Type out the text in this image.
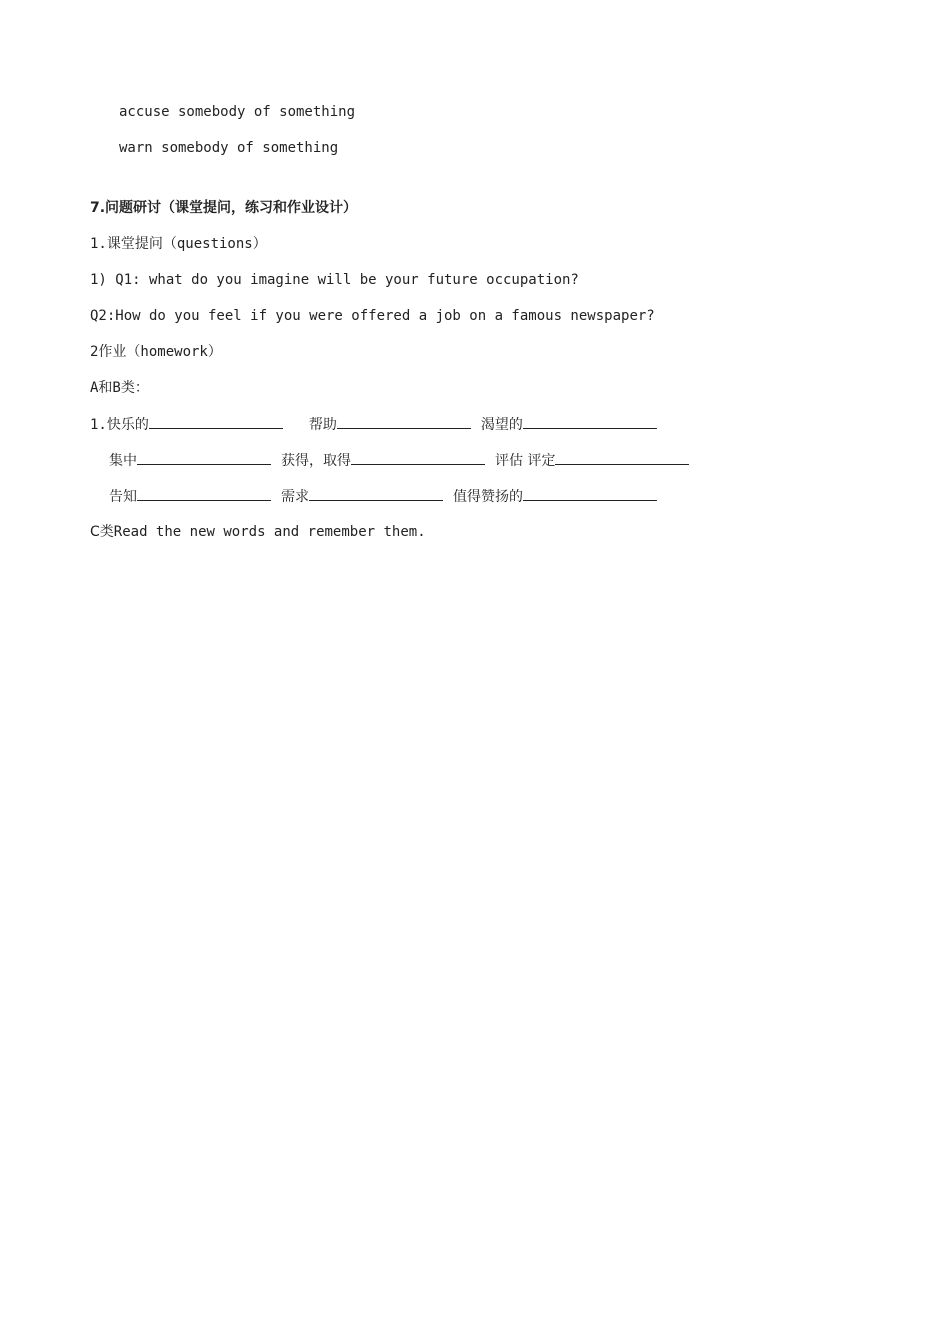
accuse somebody of something
warn somebody of something
7.问题研讨（课堂提问，练习和作业设计）
1.课堂提问（questions）
1) Q1: what do you imagine will be your future occupation?
Q2:How do you feel if you were offered a job on a famous newspaper?
2作业（homework）
A和B类：
1.快乐的	帮助	渴望的
集中	获得，取得	评估 评定
告知	需求	值得赞扬的
C类Read the new words and remember them.
